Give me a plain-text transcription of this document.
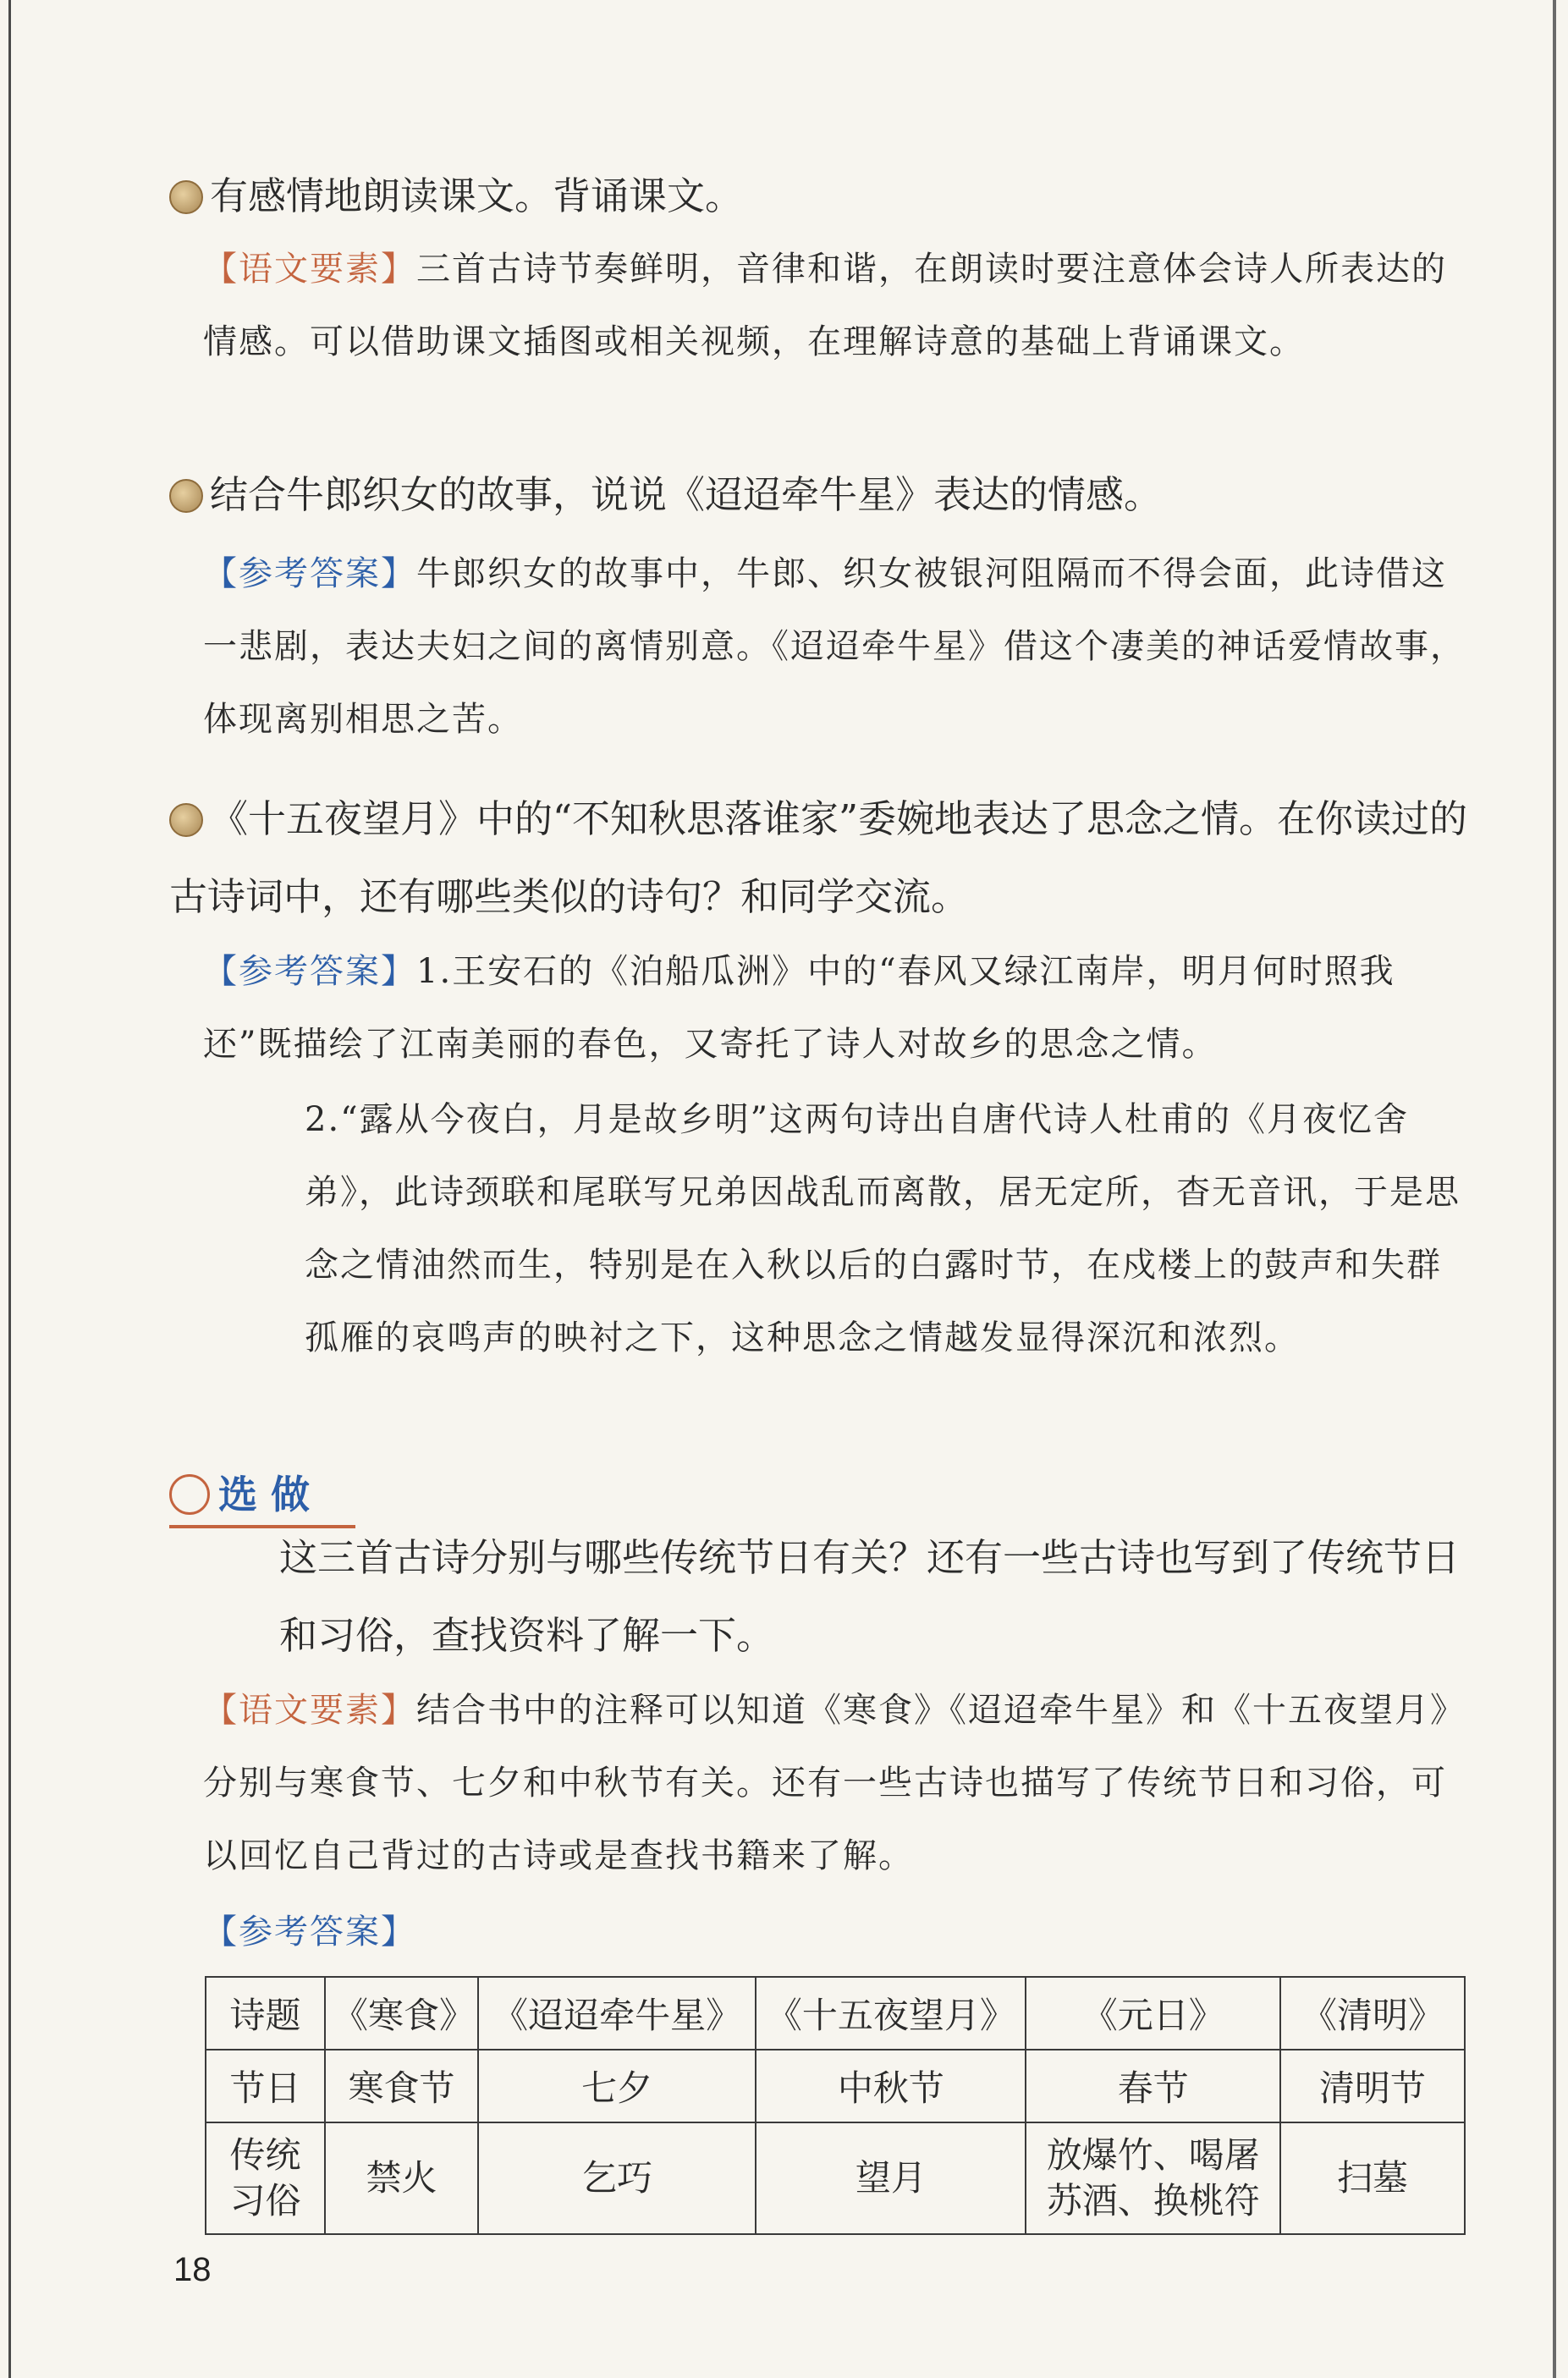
有感情地朗读课文。背诵课文。
【语文要素】三首古诗节奏鲜明，音律和谐，在朗读时要注意体会诗人所表达的情感。可以借助课文插图或相关视频，在理解诗意的基础上背诵课文。
结合牛郎织女的故事，说说《迢迢牵牛星》表达的情感。
【参考答案】牛郎织女的故事中，牛郎、织女被银河阻隔而不得会面，此诗借这一悲剧，表达夫妇之间的离情别意。《迢迢牵牛星》借这个凄美的神话爱情故事，体现离别相思之苦。
《十五夜望月》中的“不知秋思落谁家”委婉地表达了思念之情。在你读过的古诗词中，还有哪些类似的诗句？和同学交流。
【参考答案】1.王安石的《泊船瓜洲》中的“春风又绿江南岸，明月何时照我还”既描绘了江南美丽的春色，又寄托了诗人对故乡的思念之情。
2.“露从今夜白，月是故乡明”这两句诗出自唐代诗人杜甫的《月夜忆舍弟》，此诗颈联和尾联写兄弟因战乱而离散，居无定所，杳无音讯，于是思念之情油然而生，特别是在入秋以后的白露时节，在戍楼上的鼓声和失群孤雁的哀鸣声的映衬之下，这种思念之情越发显得深沉和浓烈。
选 做
这三首古诗分别与哪些传统节日有关？还有一些古诗也写到了传统节日和习俗，查找资料了解一下。
【语文要素】结合书中的注释可以知道《寒食》《迢迢牵牛星》和《十五夜望月》分别与寒食节、七夕和中秋节有关。还有一些古诗也描写了传统节日和习俗，可以回忆自己背过的古诗或是查找书籍来了解。
【参考答案】
诗题	《寒食》	《迢迢牵牛星》	《十五夜望月》	《元日》	《清明》
节日	寒食节	七夕	中秋节	春节	清明节
传统习俗	禁火	乞巧	望月	放爆竹、喝屠苏酒、换桃符	扫墓
18
